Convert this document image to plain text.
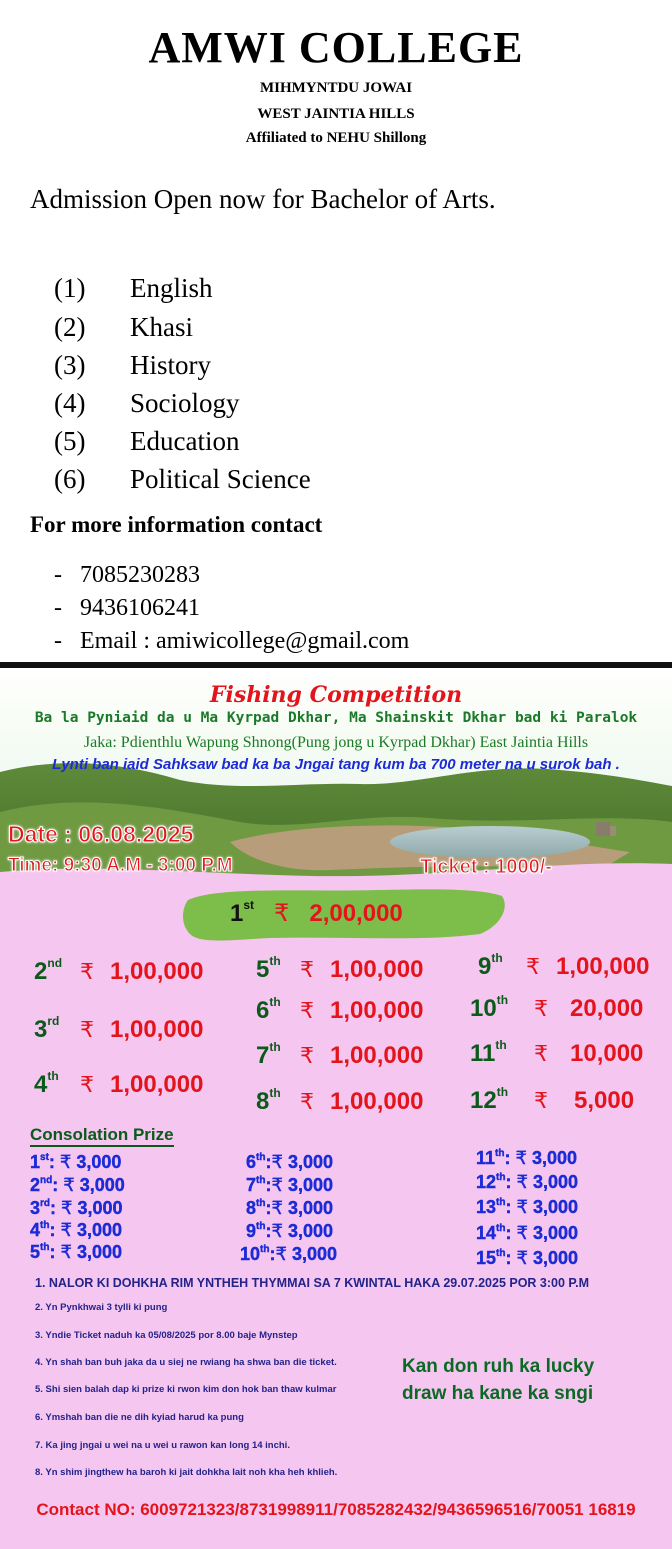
AMWI COLLEGE
MIHMYNTDU JOWAI
WEST JAINTIA HILLS
Affiliated to NEHU Shillong
Admission Open now for Bachelor of Arts.
(1) English
(2) Khasi
(3) History
(4) Sociology
(5) Education
(6) Political Science
For more information contact
- 7085230283
- 9436106241
- Email : amiwicollege@gmail.com
Fishing Competition
Ba la Pyniaid da u Ma Kyrpad Dkhar, Ma Shainskit Dkhar bad ki Paralok
Jaka: Pdienthlu Wapung Shnong(Pung jong u Kyrpad Dkhar) East Jaintia Hills
Lynti ban iaid Sahksaw bad ka ba Jngai tang kum ba 700 meter na u surok bah .
Date : 06.08.2025
Time: 9:30 A.M - 3:00 P.M	Ticket : 1000/-
1st ₹ 2,00,000
2nd ₹ 1,00,000
3rd ₹ 1,00,000
4th ₹ 1,00,000
5th ₹ 1,00,000
6th ₹ 1,00,000
7th ₹ 1,00,000
8th ₹ 1,00,000
9th ₹ 1,00,000
10th ₹ 20,000
11th ₹ 10,000
12th ₹ 5,000
Consolation Prize
1st: ₹ 3,000
2nd: ₹ 3,000
3rd: ₹ 3,000
4th: ₹ 3,000
5th: ₹ 3,000
6th:₹ 3,000
7th:₹ 3,000
8th:₹ 3,000
9th:₹ 3,000
10th:₹ 3,000
11th: ₹ 3,000
12th: ₹ 3,000
13th: ₹ 3,000
14th: ₹ 3,000
15th: ₹ 3,000
1. NALOR KI DOHKHA RIM YNTHEH THYMMAI SA 7 KWINTAL HAKA 29.07.2025 POR 3:00 P.M
2. Yn Pynkhwai 3 tylli ki pung
3. Yndie Ticket naduh ka 05/08/2025 por 8.00 baje Mynstep
4. Yn shah ban buh jaka da u siej ne rwiang ha shwa ban die ticket.
5. Shi sien balah dap ki prize ki rwon kim don hok ban thaw kulmar
6. Ymshah ban die ne dih kyiad harud ka pung
7. Ka jing jngai u wei na u wei u rawon kan long 14 inchi.
8. Yn shim jingthew ha baroh ki jait dohkha lait noh kha heh khlieh.
Kan don ruh ka lucky
draw ha kane ka sngi
Contact NO: 6009721323/8731998911/7085282432/9436596516/70051 16819
